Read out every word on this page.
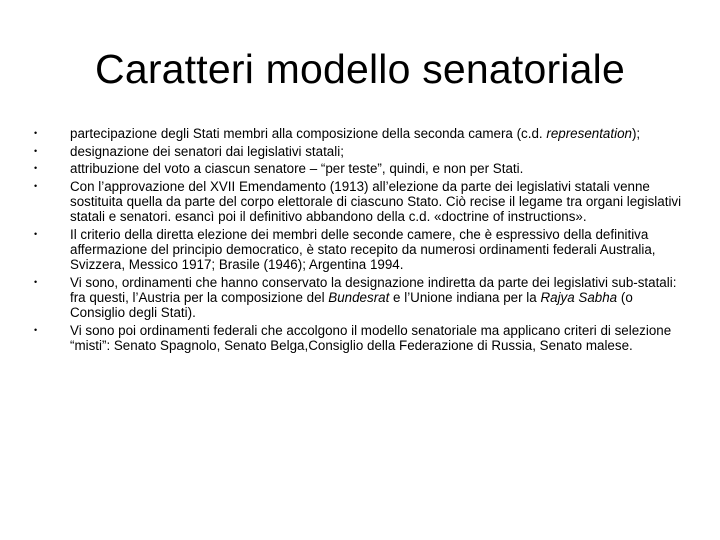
Caratteri modello senatoriale
•	partecipazione degli Stati membri alla composizione della seconda camera (c.d. representation);
•	designazione dei senatori dai legislativi statali;
•	attribuzione del voto a ciascun senatore – “per teste”, quindi, e non per Stati.
•	Con l’approvazione del XVII Emendamento (1913) all’elezione da parte dei legislativi statali venne sostituita quella da parte del corpo elettorale di ciascuno Stato. Ciò recise il legame tra organi legislativi statali e senatori. esancì poi il definitivo abbandono della c.d. «doctrine of instructions».
•	Il criterio della diretta elezione dei membri delle seconde camere, che è espressivo della definitiva affermazione del principio democratico, è stato recepito da numerosi ordinamenti federali Australia, Svizzera, Messico 1917; Brasile (1946); Argentina 1994.
•	Vi sono, ordinamenti che hanno conservato la designazione indiretta da parte dei legislativi sub-statali: fra questi, l’Austria per la composizione del Bundesrat e l’Unione indiana per la Rajya Sabha (o Consiglio degli Stati).
•	Vi sono poi ordinamenti federali che accolgono il modello senatoriale ma applicano criteri di selezione “misti”: Senato Spagnolo, Senato Belga,Consiglio della Federazione di Russia, Senato malese.
